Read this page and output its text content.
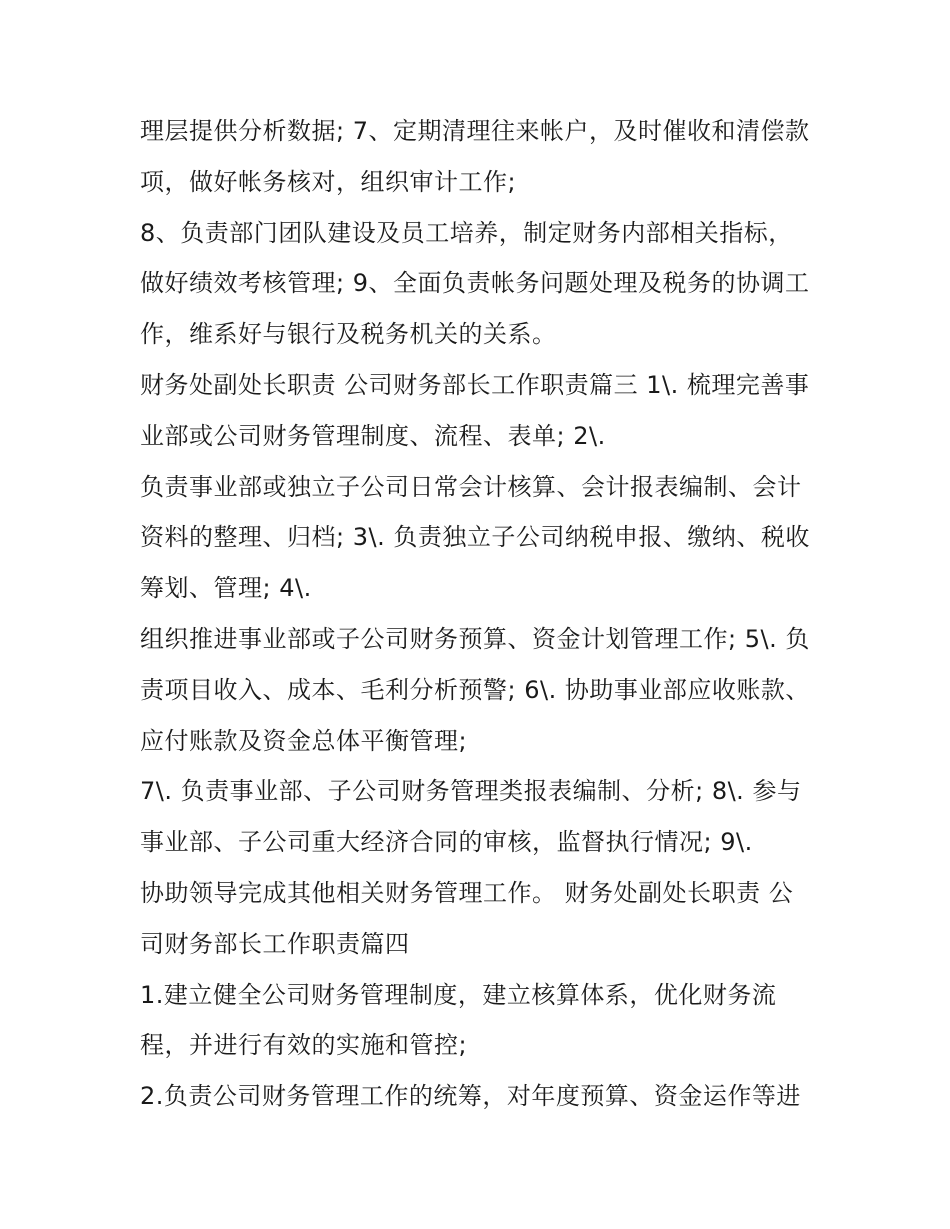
理层提供分析数据; 7、定期清理往来帐户，及时催收和清偿款
项，做好帐务核对，组织审计工作;
8、负责部门团队建设及员工培养，制定财务内部相关指标，
做好绩效考核管理; 9、全面负责帐务问题处理及税务的协调工
作，维系好与银行及税务机关的关系。
财务处副处长职责 公司财务部长工作职责篇三 1\. 梳理完善事
业部或公司财务管理制度、流程、表单; 2\.
负责事业部或独立子公司日常会计核算、会计报表编制、会计
资料的整理、归档; 3\. 负责独立子公司纳税申报、缴纳、税收
筹划、管理; 4\.
组织推进事业部或子公司财务预算、资金计划管理工作; 5\. 负
责项目收入、成本、毛利分析预警; 6\. 协助事业部应收账款、
应付账款及资金总体平衡管理;
7\. 负责事业部、子公司财务管理类报表编制、分析; 8\. 参与
事业部、子公司重大经济合同的审核，监督执行情况; 9\.
协助领导完成其他相关财务管理工作。 财务处副处长职责 公
司财务部长工作职责篇四
1.建立健全公司财务管理制度，建立核算体系，优化财务流
程，并进行有效的实施和管控;
2.负责公司财务管理工作的统筹，对年度预算、资金运作等进
